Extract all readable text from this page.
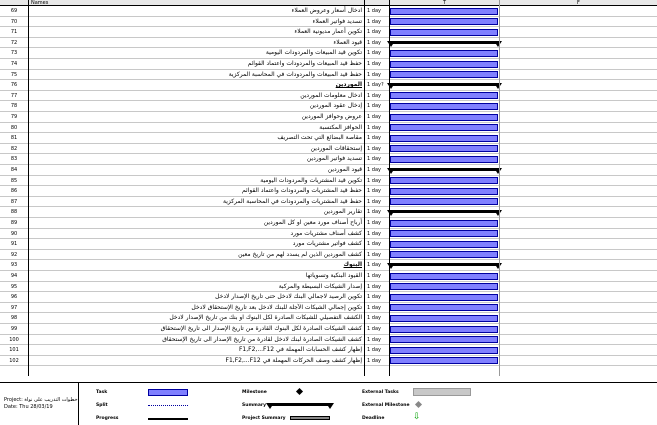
Names	T	F
69	ادخال أسعار وعروض العملاء 1 day
70	تسديد فواتير العملاء 1 day
71	تكوين أعمار مديونية العملاء 1 day
72	قيود العملاء 1 day
73	تكوين قيد المبيعات والمردودات اليومية 1 day
74	حفظ قيد المبيعات والمردودات واعتماد القوائم 1 day
75	حفظ قيد المبيعات والمردودات في المحاسبة المركزية 1 day
76	الموردين 1 day?
77	ادخال معلومات الموردين 1 day
78	إدخال عقود الموردين 1 day
79	عروض وحوافز الموردين 1 day
80	الحوافز المكتسبة 1 day
81	مقاصة البضائع التي تحت التصريف 1 day
82	إستحقاقات الموردين 1 day
83	تسديد فواتير الموردين 1 day
84	قيود الموردين 1 day
85	تكوين قيد المشتريات والمردودات اليومية 1 day
86	حفظ قيد المشتريات والمردودات واعتماد القوائم 1 day
87	حفظ قيد المشتريات والمردودات في المحاسبة المركزية 1 day
88	تقارير الموردين 1 day
89	أرباح أصناف مورد معين او كل الموردين 1 day
90	كشف أصناف مشتريات مورد 1 day
91	كشف فواتير مشتريات مورد 1 day
92	كشف الموردين الذين لم يسدد لهم من تاريخ معين 1 day
93	البنوك 1 day
94	القيود البنكية وتسوياتها 1 day
95	إصدار الشيكات البسيطة والمركبة 1 day
96	تكوين الرصيد لاجمالي البنك لادخل حتى تاريخ الإصدار لادخل 1 day
97	تكوين إجمالي الشيكات الآجلة للبنك لادخل بعد تاريخ الإستحقاق لادخل 1 day
98	الكشف التفصيلي للشيكات الصادرة لكل البنوك او بنك من تاريخ الإصدار لادخل 1 day
99	كشف الشيكات الصادرة لكل البنوك القادرة من تاريخ الإصدار الى تاريخ الإستحقاق 1 day
100	كشف الشيكات الصادرة لبنك لادخل لقادرة من تاريخ الإصدار الى تاريخ الإستحقاق 1 day
101	إظهار كشف الحسابات المهملة في F1,F2,...F12 1 day
102	إظهار كشف وصف الحركات المهملة في F1,F2,...F12 1 day
Project: خطوات التدريب على نواة
Date: Thu 28/03/19
Task
Split
Progress
Milestone
Summary
Project Summary
External Tasks
External Milestone
Deadline	⇩
